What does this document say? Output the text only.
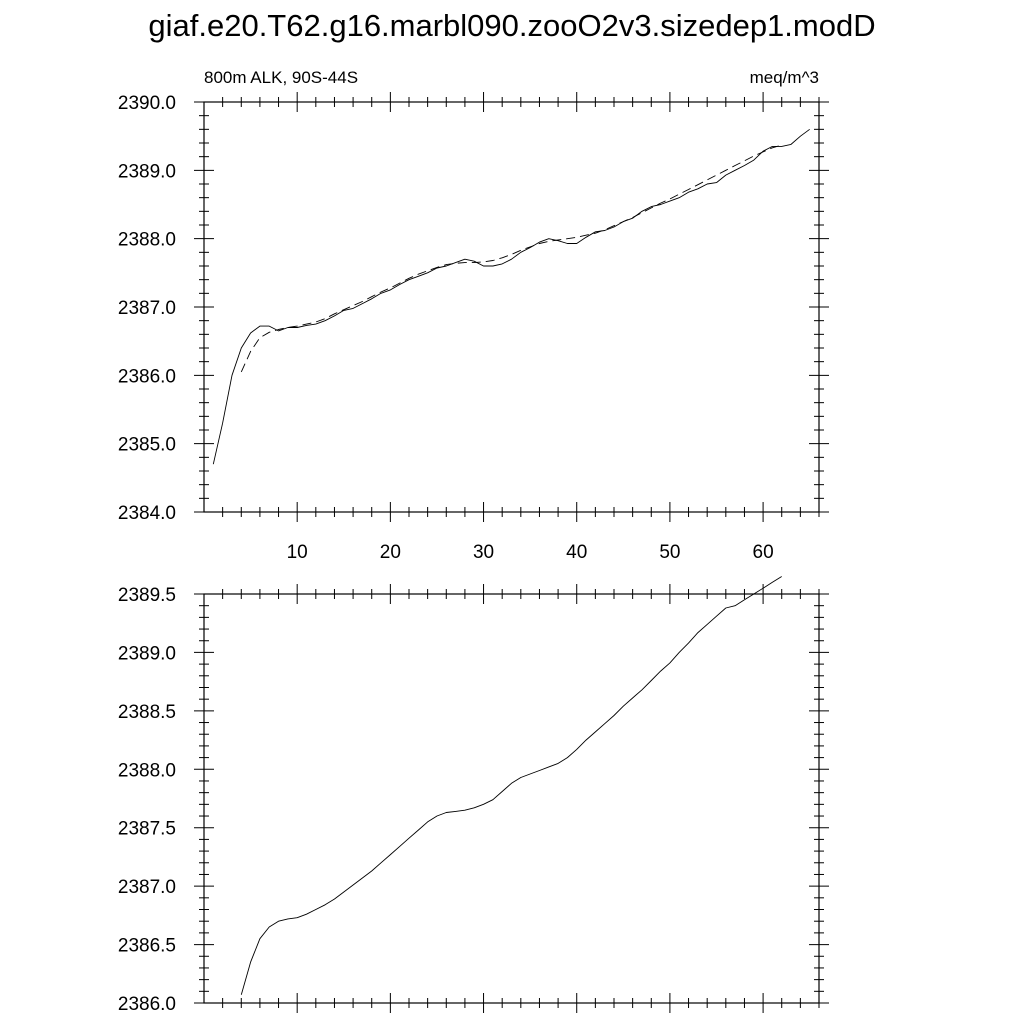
giaf.e20.T62.g16.marbl090.zooO2v3.sizedep1.modD
2384.0
2385.0
2386.0
2387.0
2388.0
2389.0
2390.0
10	20	30	40	50	60
800m ALK, 90S-44S	meq/m^3
2386.0
2386.5
2387.0
2387.5
2388.0
2388.5
2389.0
2389.5
